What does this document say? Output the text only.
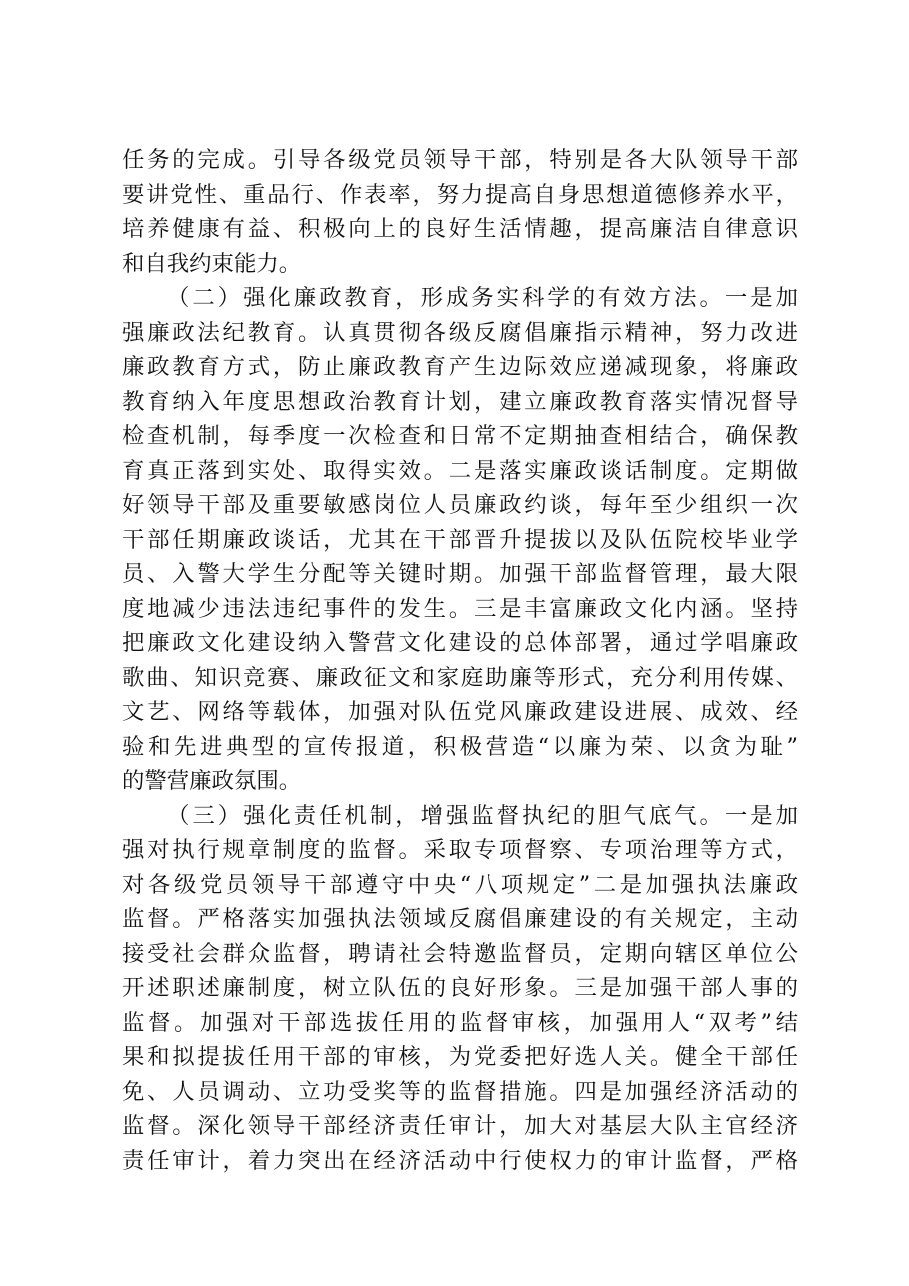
任务的完成。引导各级党员领导干部，特别是各大队领导干部
要讲党性、重品行、作表率，努力提高自身思想道德修养水平，
培养健康有益、积极向上的良好生活情趣，提高廉洁自律意识
和自我约束能力。
（二）强化廉政教育，形成务实科学的有效方法。一是加
强廉政法纪教育。认真贯彻各级反腐倡廉指示精神，努力改进
廉政教育方式，防止廉政教育产生边际效应递减现象，将廉政
教育纳入年度思想政治教育计划，建立廉政教育落实情况督导
检查机制，每季度一次检查和日常不定期抽查相结合，确保教
育真正落到实处、取得实效。二是落实廉政谈话制度。定期做
好领导干部及重要敏感岗位人员廉政约谈，每年至少组织一次
干部任期廉政谈话，尤其在干部晋升提拔以及队伍院校毕业学
员、入警大学生分配等关键时期。加强干部监督管理，最大限
度地减少违法违纪事件的发生。三是丰富廉政文化内涵。坚持
把廉政文化建设纳入警营文化建设的总体部署，通过学唱廉政
歌曲、知识竞赛、廉政征文和家庭助廉等形式，充分利用传媒、
文艺、网络等载体，加强对队伍党风廉政建设进展、成效、经
验和先进典型的宣传报道，积极营造“以廉为荣、以贪为耻”
的警营廉政氛围。
（三）强化责任机制，增强监督执纪的胆气底气。一是加
强对执行规章制度的监督。采取专项督察、专项治理等方式，
对各级党员领导干部遵守中央“八项规定”二是加强执法廉政
监督。严格落实加强执法领域反腐倡廉建设的有关规定，主动
接受社会群众监督，聘请社会特邀监督员，定期向辖区单位公
开述职述廉制度，树立队伍的良好形象。三是加强干部人事的
监督。加强对干部选拔任用的监督审核，加强用人“双考”结
果和拟提拔任用干部的审核，为党委把好选人关。健全干部任
免、人员调动、立功受奖等的监督措施。四是加强经济活动的
监督。深化领导干部经济责任审计，加大对基层大队主官经济
责任审计，着力突出在经济活动中行使权力的审计监督，严格
